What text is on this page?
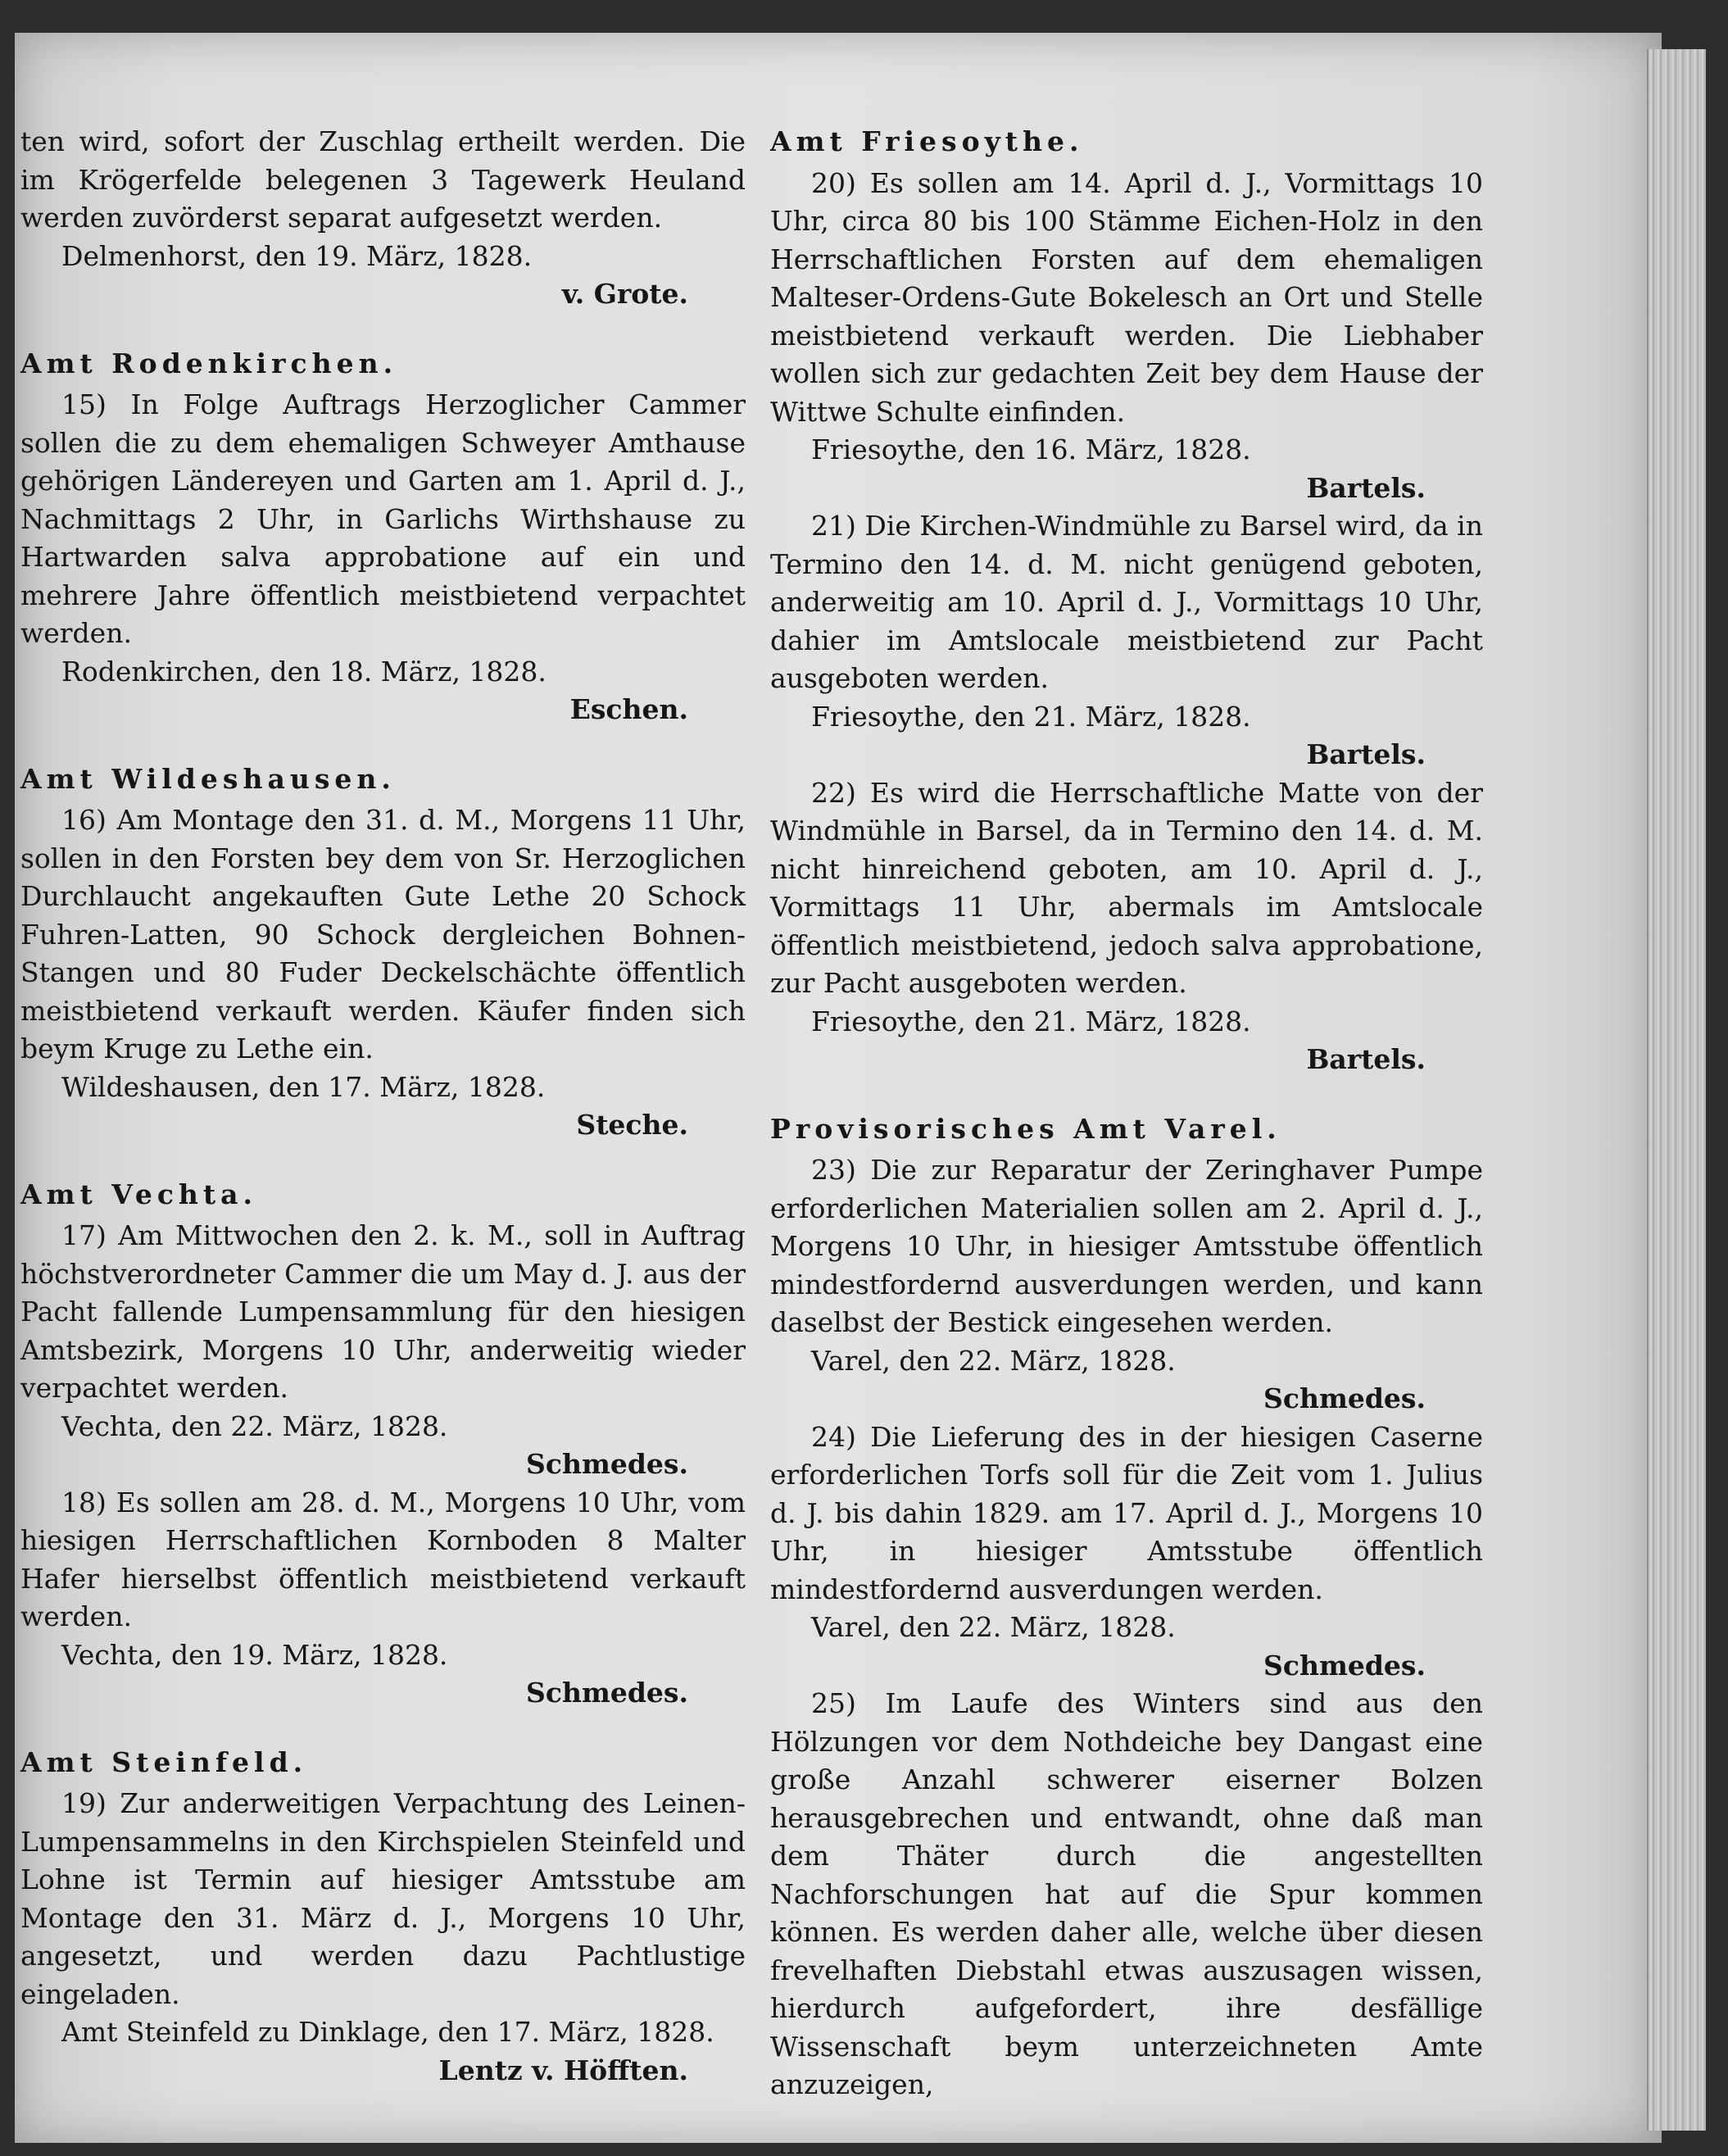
ten wird, sofort der Zuschlag ertheilt werden. Die im Krögerfelde belegenen 3 Tagewerk Heuland werden zuvörderst separat aufgesetzt werden.
Delmenhorst, den 19. März, 1828.
v. Grote.
Amt Rodenkirchen.
15) In Folge Auftrags Herzoglicher Cammer sollen die zu dem ehemaligen Schweyer Amthause gehörigen Ländereyen und Garten am 1. April d. J., Nachmittags 2 Uhr, in Garlichs Wirthshause zu Hartwarden salva approbatione auf ein und mehrere Jahre öffentlich meistbietend verpachtet werden.
Rodenkirchen, den 18. März, 1828.
Eschen.
Amt Wildeshausen.
16) Am Montage den 31. d. M., Morgens 11 Uhr, sollen in den Forsten bey dem von Sr. Herzoglichen Durchlaucht angekauften Gute Lethe 20 Schock Fuhren-Latten, 90 Schock dergleichen Bohnen-Stangen und 80 Fuder Deckelschächte öffentlich meistbietend verkauft werden. Käufer finden sich beym Kruge zu Lethe ein.
Wildeshausen, den 17. März, 1828.
Steche.
Amt Vechta.
17) Am Mittwochen den 2. k. M., soll in Auftrag höchstverordneter Cammer die um May d. J. aus der Pacht fallende Lumpensammlung für den hiesigen Amtsbezirk, Morgens 10 Uhr, anderweitig wieder verpachtet werden.
Vechta, den 22. März, 1828.
Schmedes.
18) Es sollen am 28. d. M., Morgens 10 Uhr, vom hiesigen Herrschaftlichen Kornboden 8 Malter Hafer hierselbst öffentlich meistbietend verkauft werden.
Vechta, den 19. März, 1828.
Schmedes.
Amt Steinfeld.
19) Zur anderweitigen Verpachtung des Leinen-Lumpensammelns in den Kirchspielen Steinfeld und Lohne ist Termin auf hiesiger Amtsstube am Montage den 31. März d. J., Morgens 10 Uhr, angesetzt, und werden dazu Pachtlustige eingeladen.
Amt Steinfeld zu Dinklage, den 17. März, 1828.
Lentz v. Höfften.
Amt Friesoythe.
20) Es sollen am 14. April d. J., Vormittags 10 Uhr, circa 80 bis 100 Stämme Eichen-Holz in den Herrschaftlichen Forsten auf dem ehemaligen Malteser-Ordens-Gute Bokelesch an Ort und Stelle meistbietend verkauft werden. Die Liebhaber wollen sich zur gedachten Zeit bey dem Hause der Wittwe Schulte einfinden.
Friesoythe, den 16. März, 1828.
Bartels.
21) Die Kirchen-Windmühle zu Barsel wird, da in Termino den 14. d. M. nicht genügend geboten, anderweitig am 10. April d. J., Vormittags 10 Uhr, dahier im Amtslocale meistbietend zur Pacht ausgeboten werden.
Friesoythe, den 21. März, 1828.
Bartels.
22) Es wird die Herrschaftliche Matte von der Windmühle in Barsel, da in Termino den 14. d. M. nicht hinreichend geboten, am 10. April d. J., Vormittags 11 Uhr, abermals im Amtslocale öffentlich meistbietend, jedoch salva approbatione, zur Pacht ausgeboten werden.
Friesoythe, den 21. März, 1828.
Bartels.
Provisorisches Amt Varel.
23) Die zur Reparatur der Zeringhaver Pumpe erforderlichen Materialien sollen am 2. April d. J., Morgens 10 Uhr, in hiesiger Amtsstube öffentlich mindestfordernd ausverdungen werden, und kann daselbst der Bestick eingesehen werden.
Varel, den 22. März, 1828.
Schmedes.
24) Die Lieferung des in der hiesigen Caserne erforderlichen Torfs soll für die Zeit vom 1. Julius d. J. bis dahin 1829. am 17. April d. J., Morgens 10 Uhr, in hiesiger Amtsstube öffentlich mindestfordernd ausverdungen werden.
Varel, den 22. März, 1828.
Schmedes.
25) Im Laufe des Winters sind aus den Hölzungen vor dem Nothdeiche bey Dangast eine große Anzahl schwerer eiserner Bolzen herausgebrechen und entwandt, ohne daß man dem Thäter durch die angestellten Nachforschungen hat auf die Spur kommen können. Es werden daher alle, welche über diesen frevelhaften Diebstahl etwas auszusagen wissen, hierdurch aufgefordert, ihre desfällige Wissenschaft beym unterzeichneten Amte anzuzeigen,
